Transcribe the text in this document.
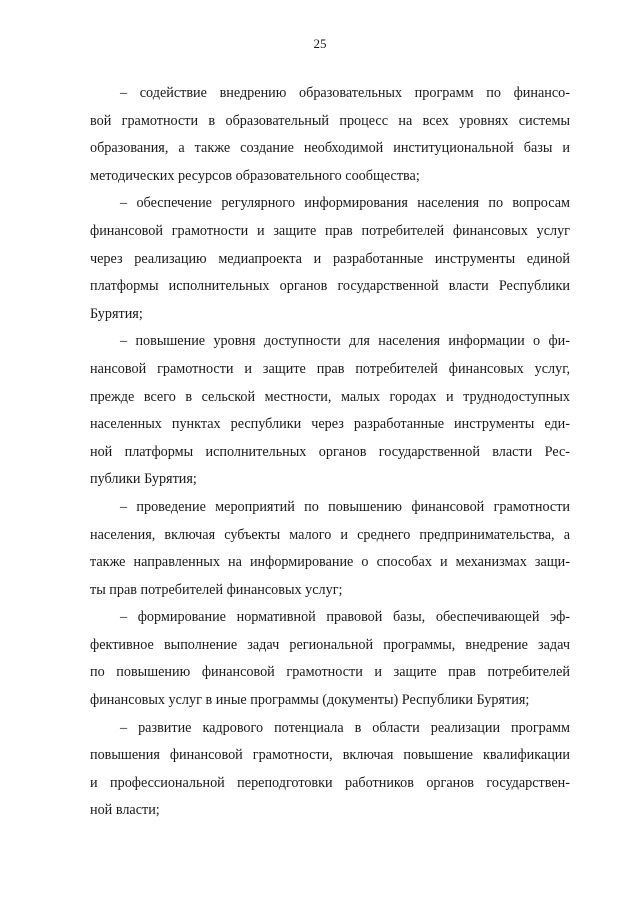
25
– содействие внедрению образовательных программ по финансо-
вой грамотности в образовательный процесс на всех уровнях системы
образования, а также создание необходимой институциональной базы и
методических ресурсов образовательного сообщества;
– обеспечение регулярного информирования населения по вопросам
финансовой грамотности и защите прав потребителей финансовых услуг
через реализацию медиапроекта и разработанные инструменты единой
платформы исполнительных органов государственной власти Республики
Бурятия;
– повышение уровня доступности для населения информации о фи-
нансовой грамотности и защите прав потребителей финансовых услуг,
прежде всего в сельской местности, малых городах и труднодоступных
населенных пунктах республики через разработанные инструменты еди-
ной платформы исполнительных органов государственной власти Рес-
публики Бурятия;
– проведение мероприятий по повышению финансовой грамотности
населения, включая субъекты малого и среднего предпринимательства, а
также направленных на информирование о способах и механизмах защи-
ты прав потребителей финансовых услуг;
– формирование нормативной правовой базы, обеспечивающей эф-
фективное выполнение задач региональной программы, внедрение задач
по повышению финансовой грамотности и защите прав потребителей
финансовых услуг в иные программы (документы) Республики Бурятия;
– развитие кадрового потенциала в области реализации программ
повышения финансовой грамотности, включая повышение квалификации
и профессиональной переподготовки работников органов государствен-
ной власти;
